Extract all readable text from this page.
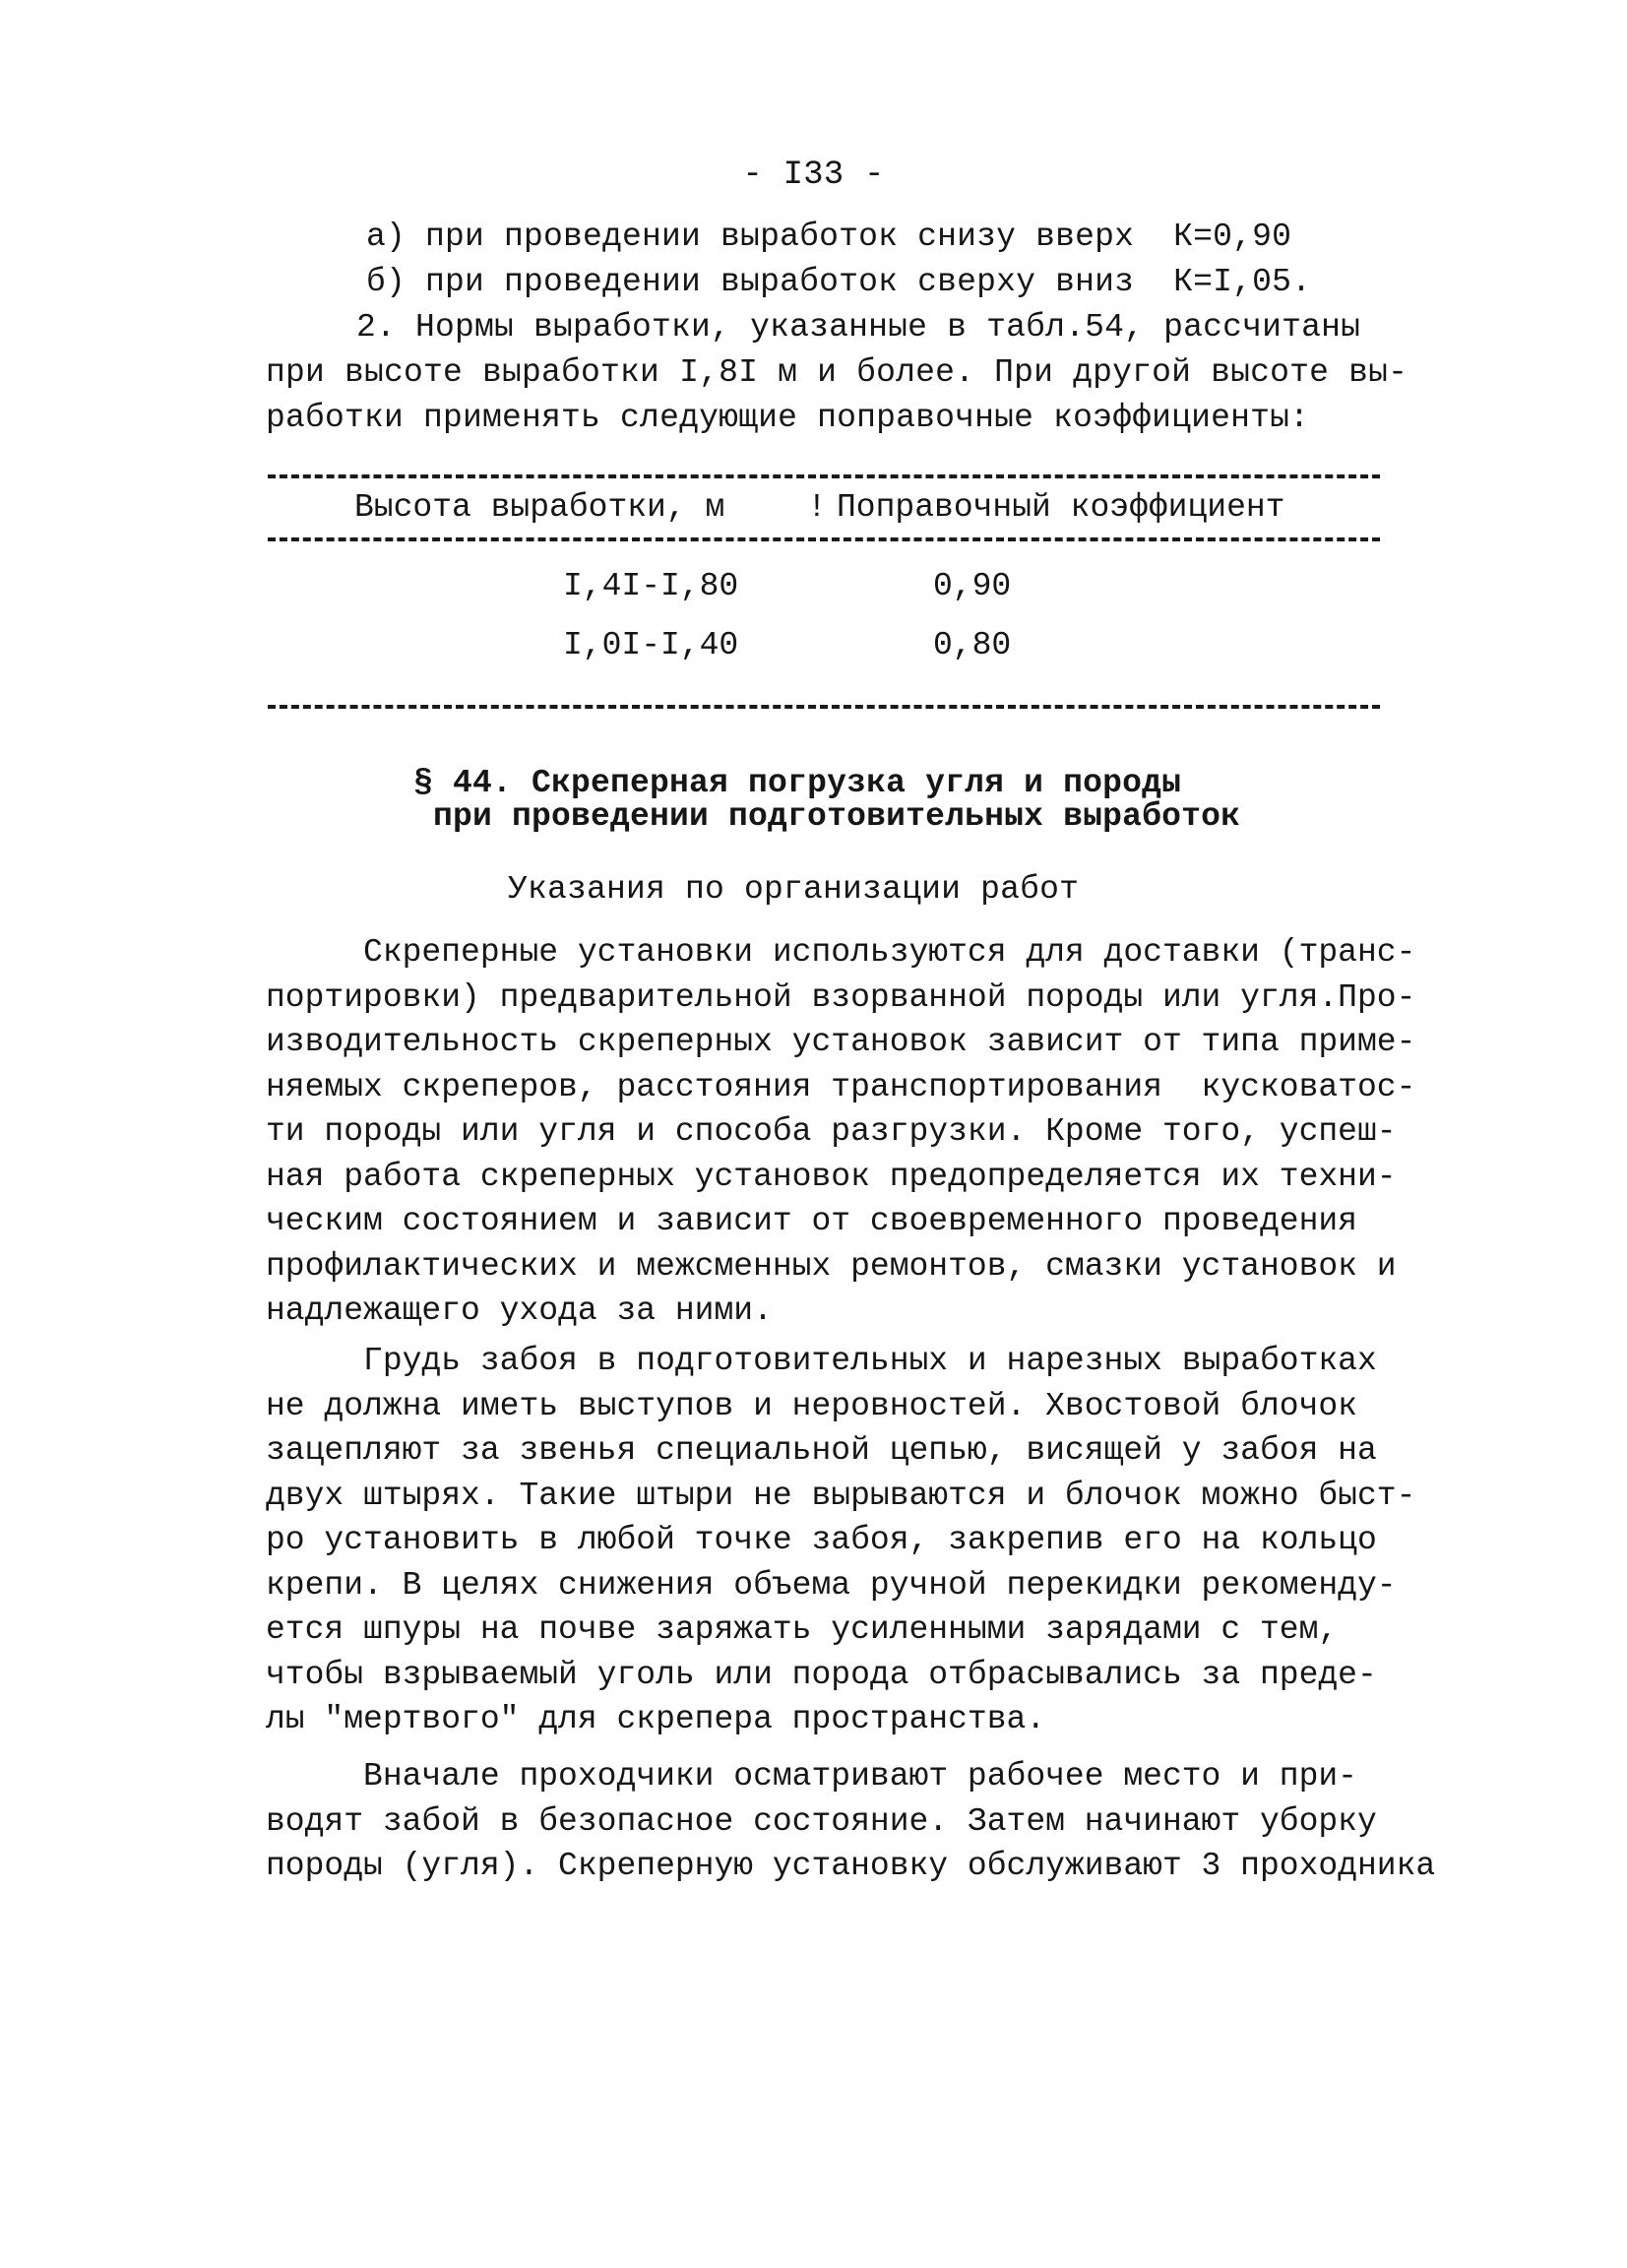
- I33 -
а) при проведении выработок снизу вверх  К=0,90
б) при проведении выработок сверху вниз  К=I,05.
2. Нормы выработки, указанные в табл.54, рассчитаны
при высоте выработки I,8I м и более. При другой высоте вы-
работки применять следующие поправочные коэффициенты:
Высота выработки, м	! Поправочный коэффициент
I,4I-I,80	0,90
I,0I-I,40	0,80
§ 44. Скреперная погрузка угля и породы
при проведении подготовительных выработок
Указания по организации работ
Скреперные установки используются для доставки (транс-
портировки) предварительной взорванной породы или угля.Про-
изводительность скреперных установок зависит от типа приме-
няемых скреперов, расстояния транспортирования  кусковатос-
ти породы или угля и способа разгрузки. Кроме того, успеш-
ная работа скреперных установок предопределяется их техни-
ческим состоянием и зависит от своевременного проведения
профилактических и межсменных ремонтов, смазки установок и
надлежащего ухода за ними.
Грудь забоя в подготовительных и нарезных выработках
не должна иметь выступов и неровностей. Хвостовой блочок
зацепляют за звенья специальной цепью, висящей у забоя на
двух штырях. Такие штыри не вырываются и блочок можно быст-
ро установить в любой точке забоя, закрепив его на кольцо
крепи. В целях снижения объема ручной перекидки рекоменду-
ется шпуры на почве заряжать усиленными зарядами с тем,
чтобы взрываемый уголь или порода отбрасывались за преде-
лы "мертвого" для скрепера пространства.
Вначале проходчики осматривают рабочее место и при-
водят забой в безопасное состояние. Затем начинают уборку
породы (угля). Скреперную установку обслуживают 3 проходника
